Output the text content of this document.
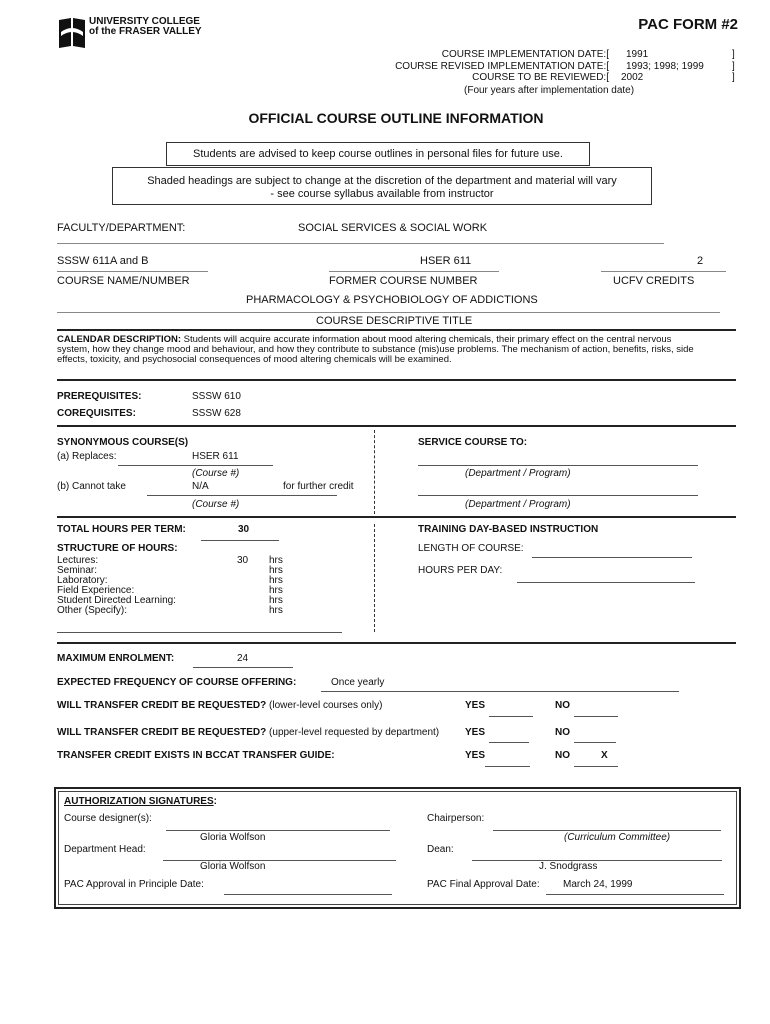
UNIVERSITY COLLEGE
of the FRASER VALLEY	PAC FORM #2
COURSE IMPLEMENTATION DATE:[ 1991	]
COURSE REVISED IMPLEMENTATION DATE:[ 1993; 1998; 1999	]
COURSE TO BE REVIEWED:[ 2002	]
(Four years after implementation date)
OFFICIAL COURSE OUTLINE INFORMATION
Students are advised to keep course outlines in personal files for future use.
Shaded headings are subject to change at the discretion of the department and material will vary
- see course syllabus available from instructor
FACULTY/DEPARTMENT:	SOCIAL SERVICES & SOCIAL WORK
SSSW 611A and B	HSER 611	2
COURSE NAME/NUMBER	FORMER COURSE NUMBER	UCFV CREDITS
PHARMACOLOGY & PSYCHOBIOLOGY OF ADDICTIONS
COURSE DESCRIPTIVE TITLE
CALENDAR DESCRIPTION: Students will acquire accurate information about mood altering chemicals, their primary effect on the central nervous
system, how they change mood and behaviour, and how they contribute to substance (mis)use problems. The mechanism of action, benefits, risks, side
effects, toxicity, and psychosocial consequences of mood altering chemicals will be examined.
PREREQUISITES:	SSSW 610
COREQUISITES:	SSSW 628
SYNONYMOUS COURSE(S)
(a) Replaces:	HSER 611
(Course #)
(b) Cannot take	N/A	for further credit
(Course #)
SERVICE COURSE TO:
(Department / Program)
(Department / Program)
TOTAL HOURS PER TERM:	30
STRUCTURE OF HOURS:
Lectures:	30 hrs
Seminar:	hrs
Laboratory:	hrs
Field Experience:	hrs
Student Directed Learning:	hrs
Other (Specify):	hrs
TRAINING DAY-BASED INSTRUCTION
LENGTH OF COURSE:
HOURS PER DAY:
MAXIMUM ENROLMENT:	24
EXPECTED FREQUENCY OF COURSE OFFERING:	Once yearly
WILL TRANSFER CREDIT BE REQUESTED? (lower-level courses only)	YES	NO
WILL TRANSFER CREDIT BE REQUESTED? (upper-level requested by department)	YES	NO
TRANSFER CREDIT EXISTS IN BCCAT TRANSFER GUIDE:	YES	NO	X
AUTHORIZATION SIGNATURES:
Course designer(s):
Gloria Wolfson
Chairperson:
(Curriculum Committee)
Department Head:
Gloria Wolfson
Dean:
J. Snodgrass
PAC Approval in Principle Date:	PAC Final Approval Date: March 24, 1999
